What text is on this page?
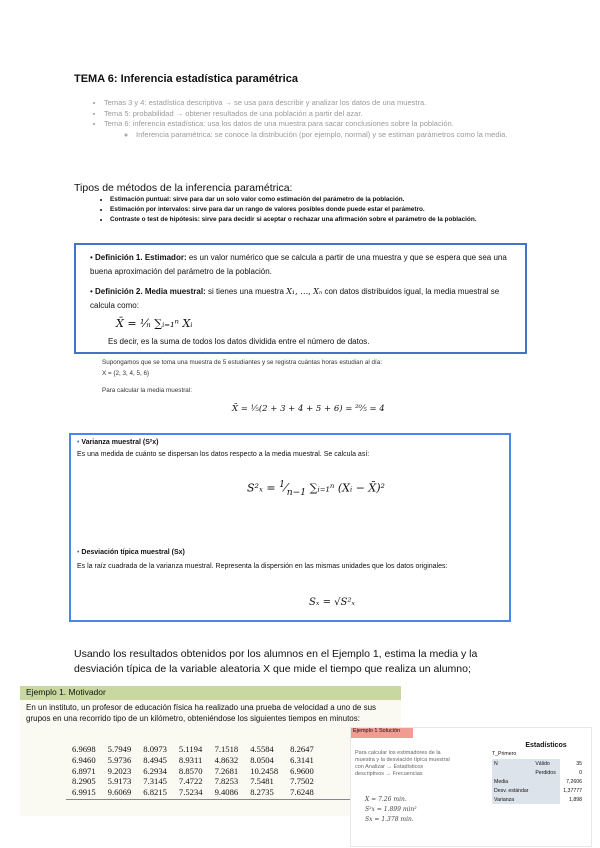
TEMA 6: Inferencia estadística paramétrica
• Temas 3 y 4: estadística descriptiva → se usa para describir y analizar los datos de una muestra.
• Tema 5: probabilidad → obtener resultados de una población a partir del azar.
• Tema 6: inferencia estadística: usa los datos de una muestra para sacar conclusiones sobre la población.
◦ Inferencia paramétrica: se conoce la distribución (por ejemplo, normal) y se estiman parámetros como la media.
Tipos de métodos de la inferencia paramétrica:
• Estimación puntual: sirve para dar un solo valor como estimación del parámetro de la población.
• Estimación por intervalos: sirve para dar un rango de valores posibles donde puede estar el parámetro.
• Contraste o test de hipótesis: sirve para decidir si aceptar o rechazar una afirmación sobre el parámetro de la población.
• Definición 1. Estimador: es un valor numérico que se calcula a partir de una muestra y que se espera que sea una buena aproximación del parámetro de la población.
• Definición 2. Media muestral: si tienes una muestra X₁, …, Xₙ con datos distribuidos igual, la media muestral se calcula como:
X̄ = ¹⁄ₙ ∑ᵢ₌₁ⁿ Xᵢ
Es decir, es la suma de todos los datos dividida entre el número de datos.
Supongamos que se toma una muestra de 5 estudiantes y se registra cuántas horas estudian al día:
X = {2, 3, 4, 5, 6}
Para calcular la media muestral:
X̄ = ⅕(2 + 3 + 4 + 5 + 6) = ²⁰⁄₅ = 4
• Varianza muestral (S²x)
Es una medida de cuánto se dispersan los datos respecto a la media muestral. Se calcula así:
$S^2_x = ^1⁄_{n-1}$ ∑ᵢ₌₁ⁿ (Xᵢ − X̄)²
• Desviación típica muestral (Sx)
Es la raíz cuadrada de la varianza muestral. Representa la dispersión en las mismas unidades que los datos originales:
Sₓ = √S²ₓ
Usando los resultados obtenidos por los alumnos en el Ejemplo 1, estima la media y la desviación típica de la variable aleatoria X que mide el tiempo que realiza un alumno;
Ejemplo 1. Motivador
En un instituto, un profesor de educación física ha realizado una prueba de velocidad a uno de sus grupos en una recorrido tipo de un kilómetro, obteniéndose los siguientes tiempos en minutos:
6.9698	5.7949	8.0973	5.1194	7.1518	4.5584	8.2647
6.9460	5.9736	8.4945	8.9311	4.8632	8.0504	6.3141
6.8971	9.2023	6.2934	8.8570	7.2681	10.2458	6.9600
8.2905	5.9173	7.3145	7.4722	7.8253	7.5481	7.7502
6.9915	9.6069	6.8215	7.5234	9.4086	8.2735	7.6248
Ejemplo 1 Solución
Para calcular los estimadores de la muestra y la desviación típica muestral con Analizar → Estadísticos descriptivos → Frecuencias
X = 7.26 min.
S²x = 1.899 min²
Sx = 1.378 min.
Estadísticos
T_Primero
N	Válido	35
	Perdidos	0
Media		7,2606
Desv. estándar		1,37777
Varianza		1,898
